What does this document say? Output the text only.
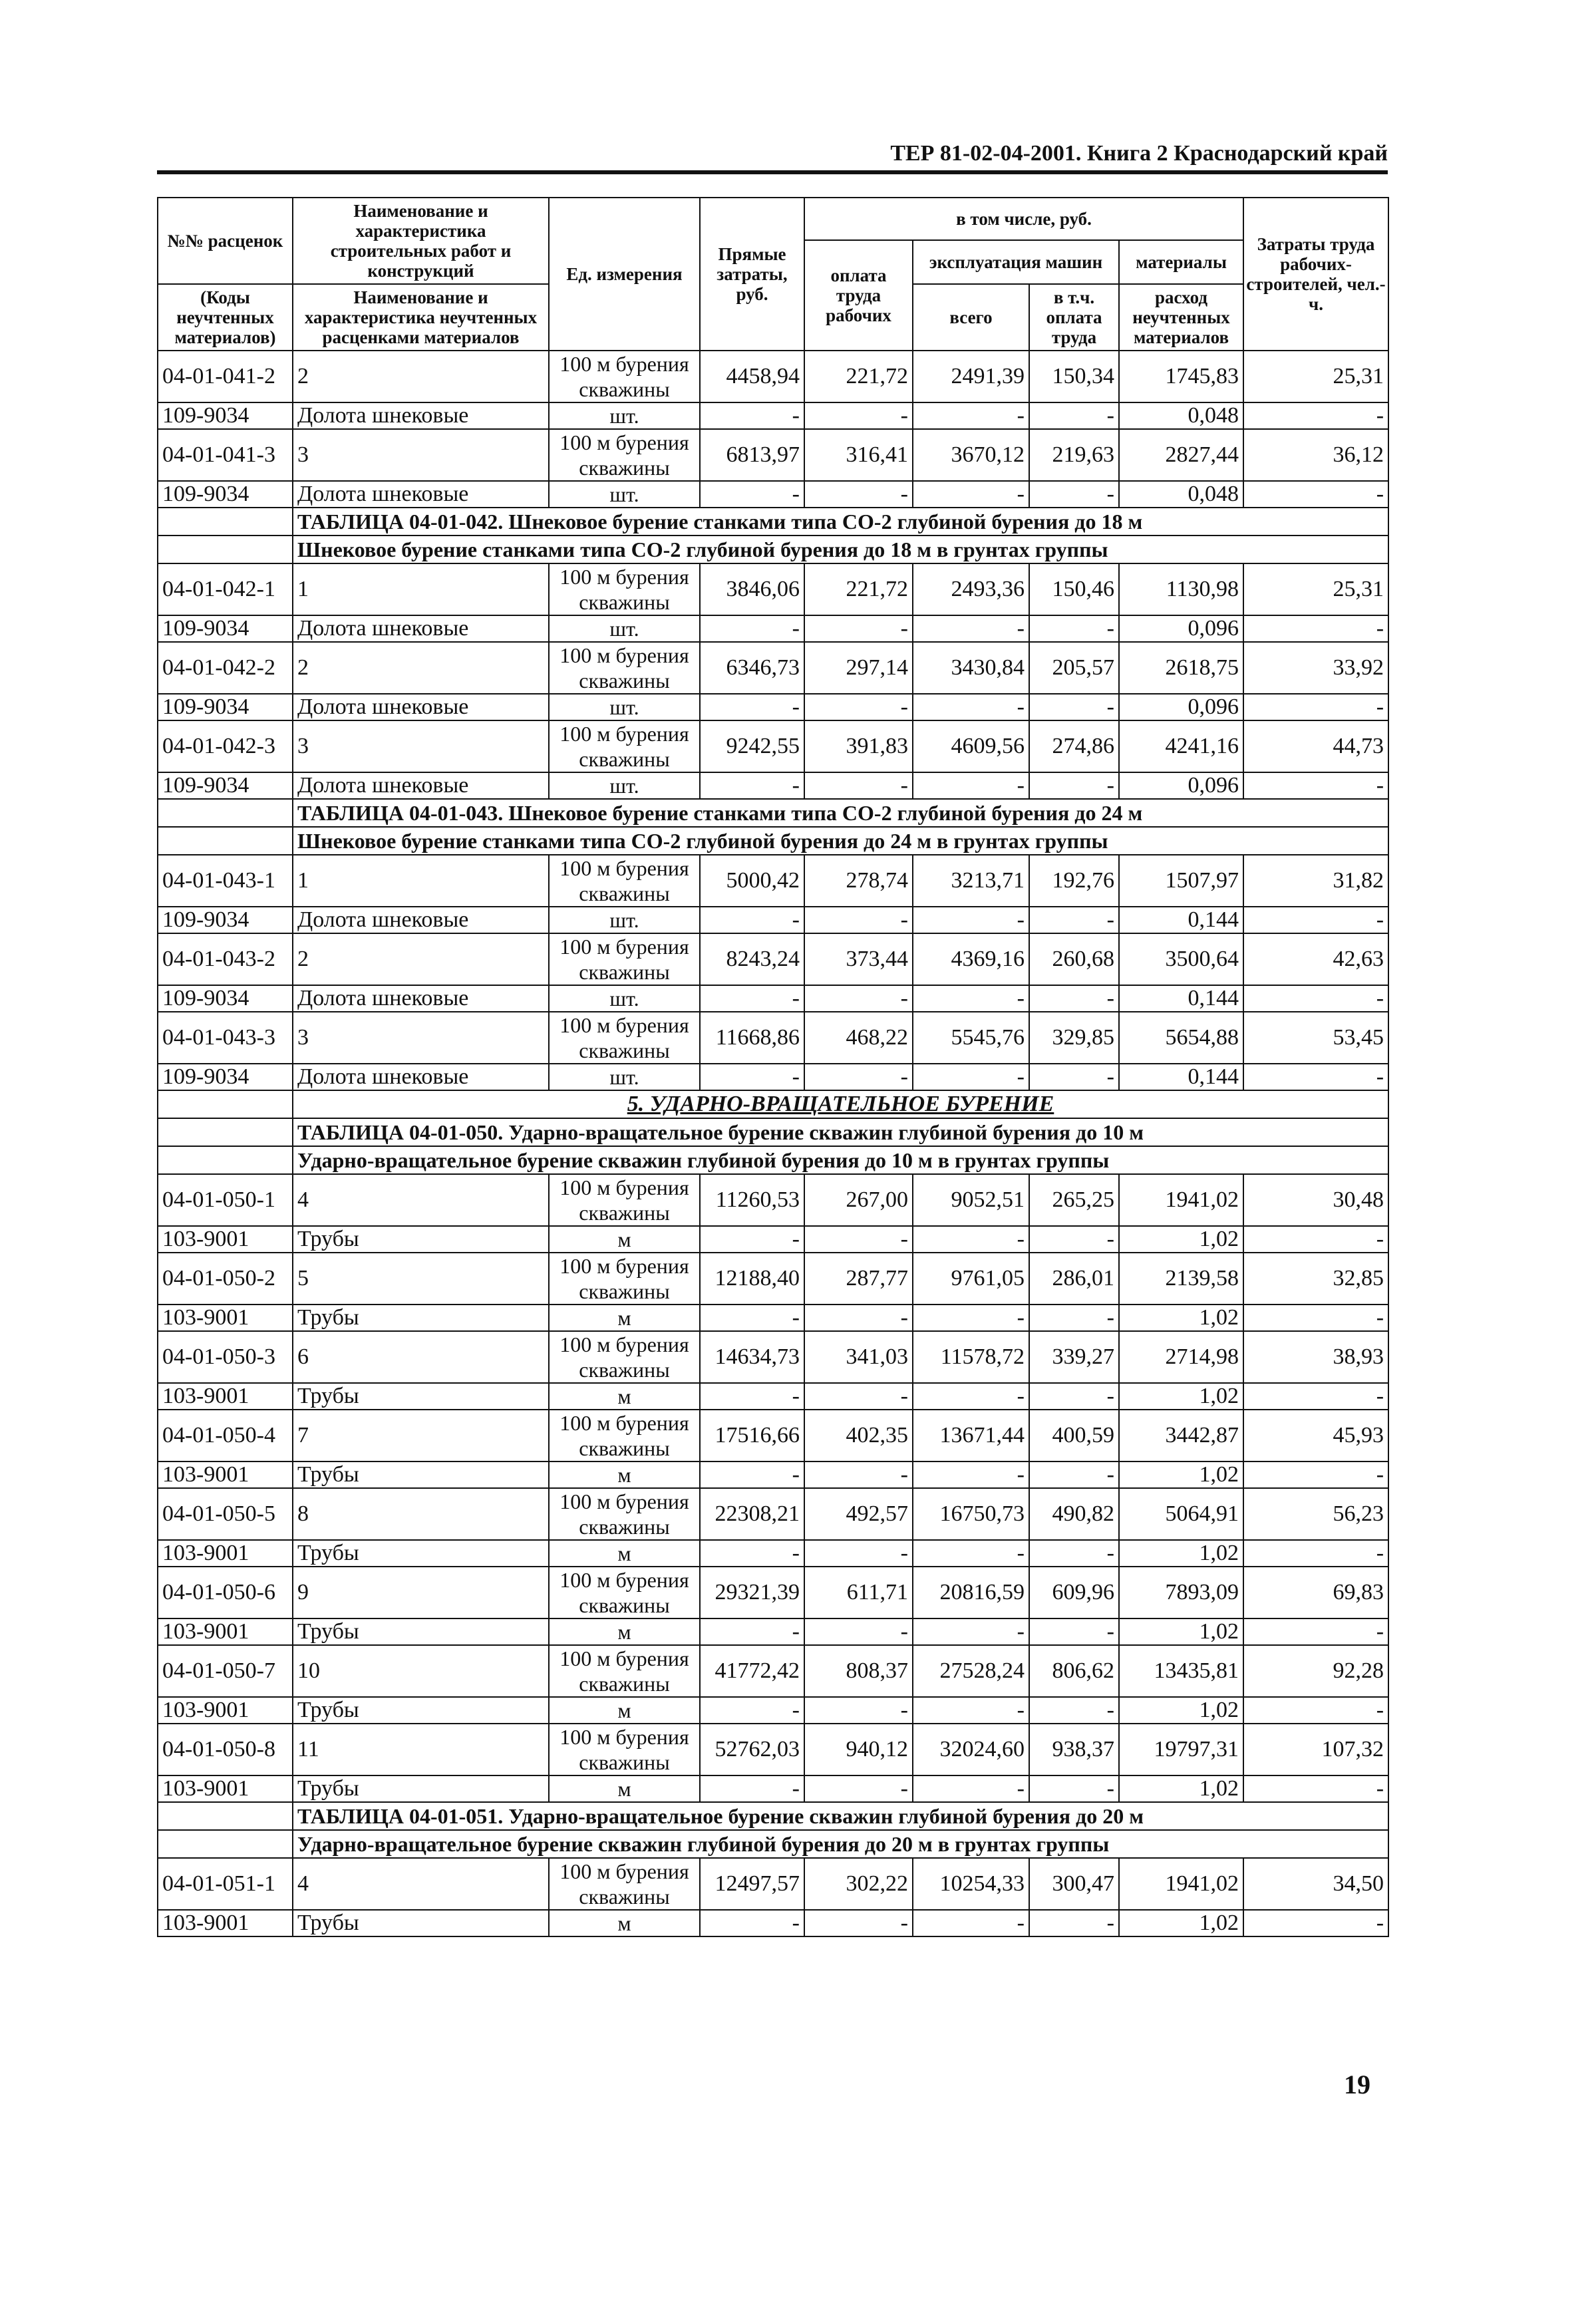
ТЕР 81-02-04-2001. Книга 2 Краснодарский край
№№ расценок	Наименование и характеристика строительных работ и конструкций	Ед. измерения	Прямые затраты, руб.	в том числе, руб.				Затраты труда рабочих-строителей, чел.-ч.
				оплата труда рабочих	эксплуатация машин		материалы	
(Коды неучтенных материалов)	Наименование и характеристика неучтенных расценками материалов				всего	в т.ч. оплата труда	расход неучтенных материалов	

04-01-041-2	2	100 м бурения скважины	4458,94	221,72	2491,39	150,34	1745,83	25,31
109-9034	Долота шнековые	шт.	-	-	-	-	0,048	-
04-01-041-3	3	100 м бурения скважины	6813,97	316,41	3670,12	219,63	2827,44	36,12
109-9034	Долота шнековые	шт.	-	-	-	-	0,048	-
	ТАБЛИЦА 04-01-042. Шнековое бурение станками типа СО-2 глубиной бурения до 18 м							
	Шнековое бурение станками типа СО-2 глубиной бурения до 18 м в грунтах группы							
04-01-042-1	1	100 м бурения скважины	3846,06	221,72	2493,36	150,46	1130,98	25,31
109-9034	Долота шнековые	шт.	-	-	-	-	0,096	-
04-01-042-2	2	100 м бурения скважины	6346,73	297,14	3430,84	205,57	2618,75	33,92
109-9034	Долота шнековые	шт.	-	-	-	-	0,096	-
04-01-042-3	3	100 м бурения скважины	9242,55	391,83	4609,56	274,86	4241,16	44,73
109-9034	Долота шнековые	шт.	-	-	-	-	0,096	-
	ТАБЛИЦА 04-01-043. Шнековое бурение станками типа СО-2 глубиной бурения до 24 м							
	Шнековое бурение станками типа СО-2 глубиной бурения до 24 м в грунтах группы							
04-01-043-1	1	100 м бурения скважины	5000,42	278,74	3213,71	192,76	1507,97	31,82
109-9034	Долота шнековые	шт.	-	-	-	-	0,144	-
04-01-043-2	2	100 м бурения скважины	8243,24	373,44	4369,16	260,68	3500,64	42,63
109-9034	Долота шнековые	шт.	-	-	-	-	0,144	-
04-01-043-3	3	100 м бурения скважины	11668,86	468,22	5545,76	329,85	5654,88	53,45
109-9034	Долота шнековые	шт.	-	-	-	-	0,144	-
	5. УДАРНО-ВРАЩАТЕЛЬНОЕ БУРЕНИЕ							
	ТАБЛИЦА 04-01-050. Ударно-вращательное бурение скважин глубиной бурения до 10 м							
	Ударно-вращательное бурение скважин глубиной бурения до 10 м в грунтах группы							
04-01-050-1	4	100 м бурения скважины	11260,53	267,00	9052,51	265,25	1941,02	30,48
103-9001	Трубы	м	-	-	-	-	1,02	-
04-01-050-2	5	100 м бурения скважины	12188,40	287,77	9761,05	286,01	2139,58	32,85
103-9001	Трубы	м	-	-	-	-	1,02	-
04-01-050-3	6	100 м бурения скважины	14634,73	341,03	11578,72	339,27	2714,98	38,93
103-9001	Трубы	м	-	-	-	-	1,02	-
04-01-050-4	7	100 м бурения скважины	17516,66	402,35	13671,44	400,59	3442,87	45,93
103-9001	Трубы	м	-	-	-	-	1,02	-
04-01-050-5	8	100 м бурения скважины	22308,21	492,57	16750,73	490,82	5064,91	56,23
103-9001	Трубы	м	-	-	-	-	1,02	-
04-01-050-6	9	100 м бурения скважины	29321,39	611,71	20816,59	609,96	7893,09	69,83
103-9001	Трубы	м	-	-	-	-	1,02	-
04-01-050-7	10	100 м бурения скважины	41772,42	808,37	27528,24	806,62	13435,81	92,28
103-9001	Трубы	м	-	-	-	-	1,02	-
04-01-050-8	11	100 м бурения скважины	52762,03	940,12	32024,60	938,37	19797,31	107,32
103-9001	Трубы	м	-	-	-	-	1,02	-
	ТАБЛИЦА 04-01-051. Ударно-вращательное бурение скважин глубиной бурения до 20 м							
	Ударно-вращательное бурение скважин глубиной бурения до 20 м в грунтах группы							
04-01-051-1	4	100 м бурения скважины	12497,57	302,22	10254,33	300,47	1941,02	34,50
103-9001	Трубы	м	-	-	-	-	1,02	-
19
